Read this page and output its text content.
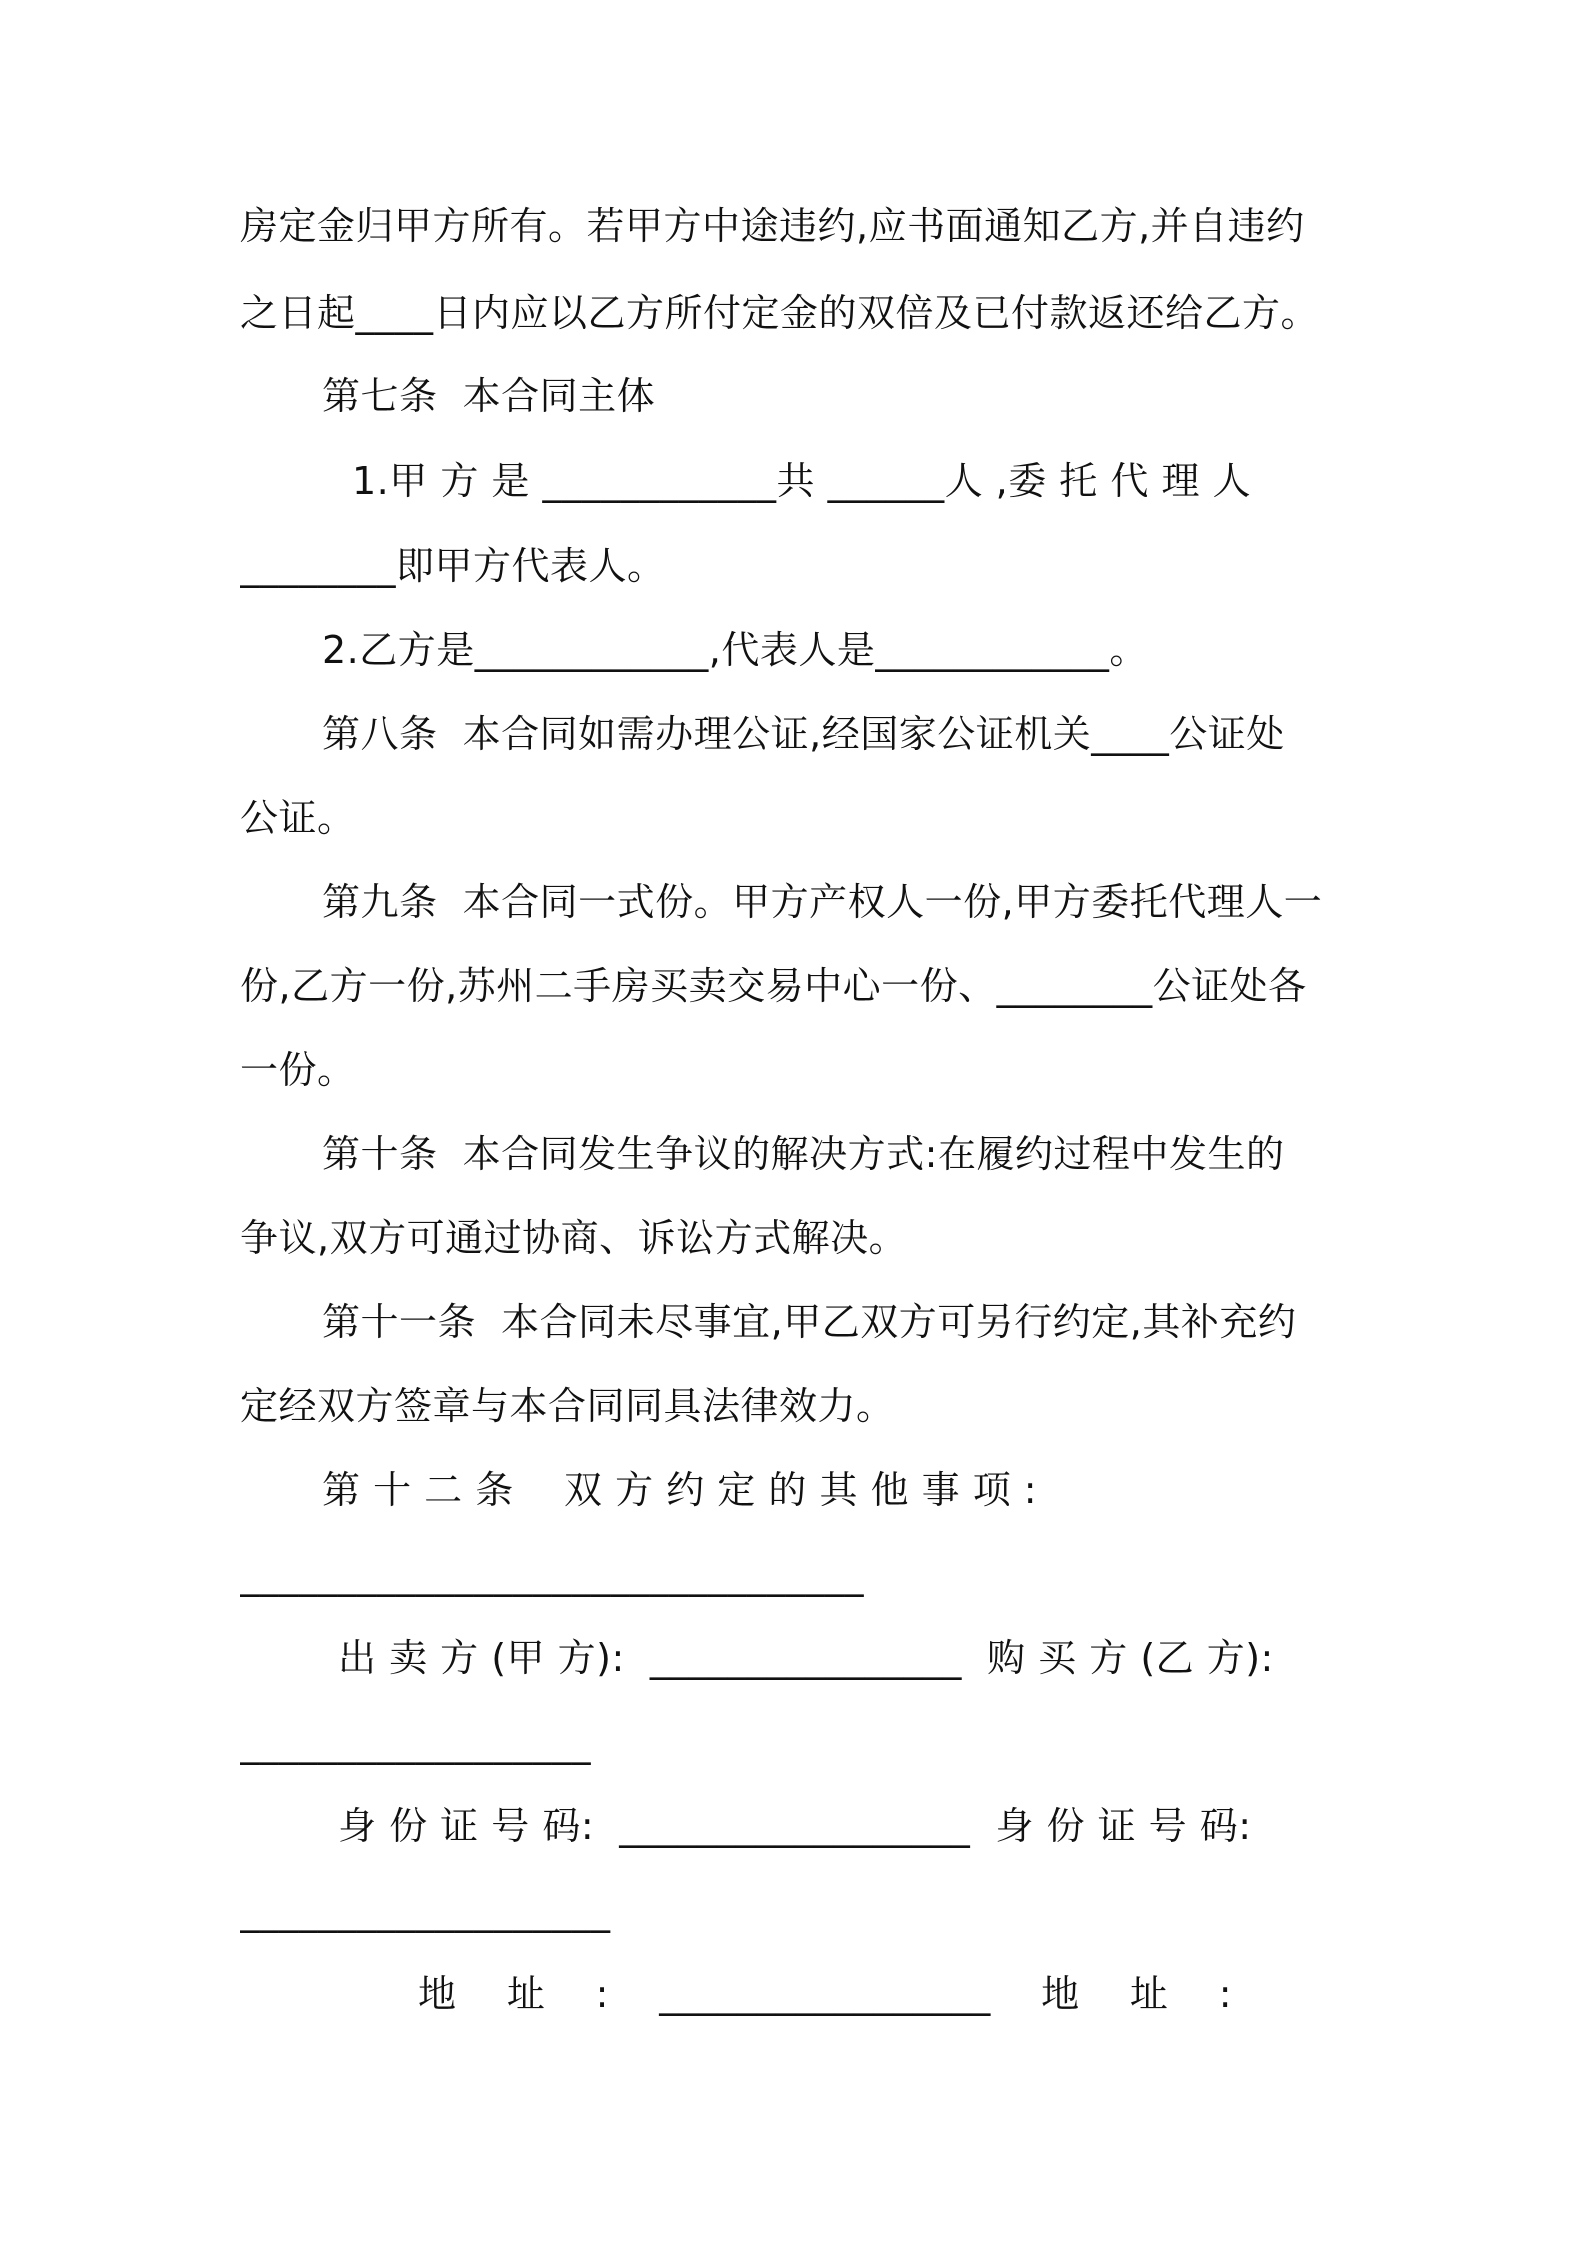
房定金归甲方所有。若甲方中途违约,应书面通知乙方,并自违约
之日起____日内应以乙方所付定金的双倍及已付款返还给乙方。
第七条  本合同主体
1.甲 方 是 ____________共 ______人 ,委 托 代 理 人
________即甲方代表人。
2.乙方是____________,代表人是____________。
第八条  本合同如需办理公证,经国家公证机关____公证处
公证。
第九条  本合同一式份。甲方产权人一份,甲方委托代理人一
份,乙方一份,苏州二手房买卖交易中心一份、________公证处各
一份。
第十条  本合同发生争议的解决方式:在履约过程中发生的
争议,双方可通过协商、诉讼方式解决。
第十一条  本合同未尽事宜,甲乙双方可另行约定,其补充约
定经双方签章与本合同同具法律效力。
第 十 二 条    双 方 约 定 的 其 他 事 项 :
________________________________
出 卖 方 (甲 方):  ________________  购 买 方 (乙 方):
__________________
身 份 证 号 码:  __________________  身 份 证 号 码:
___________________
地    址    :    _________________    地    址    :
